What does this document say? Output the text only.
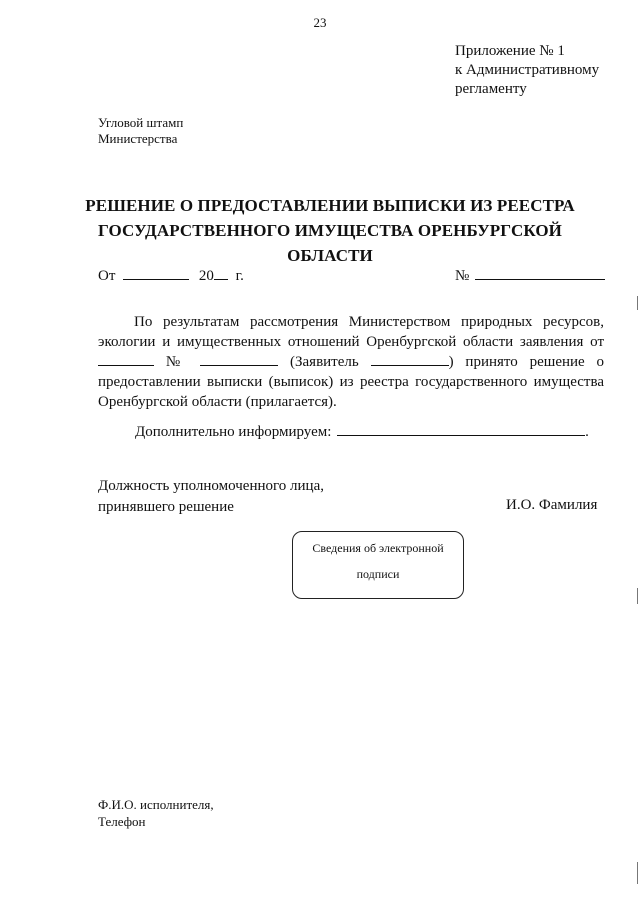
23
Приложение № 1
к Административному
регламенту
Угловой штамп
Министерства
РЕШЕНИЕ О ПРЕДОСТАВЛЕНИИ ВЫПИСКИ ИЗ РЕЕСТРА
ГОСУДАРСТВЕННОГО ИМУЩЕСТВА ОРЕНБУРГСКОЙ ОБЛАСТИ
От	20 г.	№
По результатам рассмотрения Министерством природных ресурсов, экологии и имущественных отношений Оренбургской области заявления от  №	(Заявитель	) принято решение о предоставлении выписки (выписок) из реестра государственного имущества Оренбургской области (прилагается).
Дополнительно информируем:	.
Должность уполномоченного лица,
принявшего решение	И.О. Фамилия
Сведения об электронной
подписи
Ф.И.О. исполнителя,
Телефон
